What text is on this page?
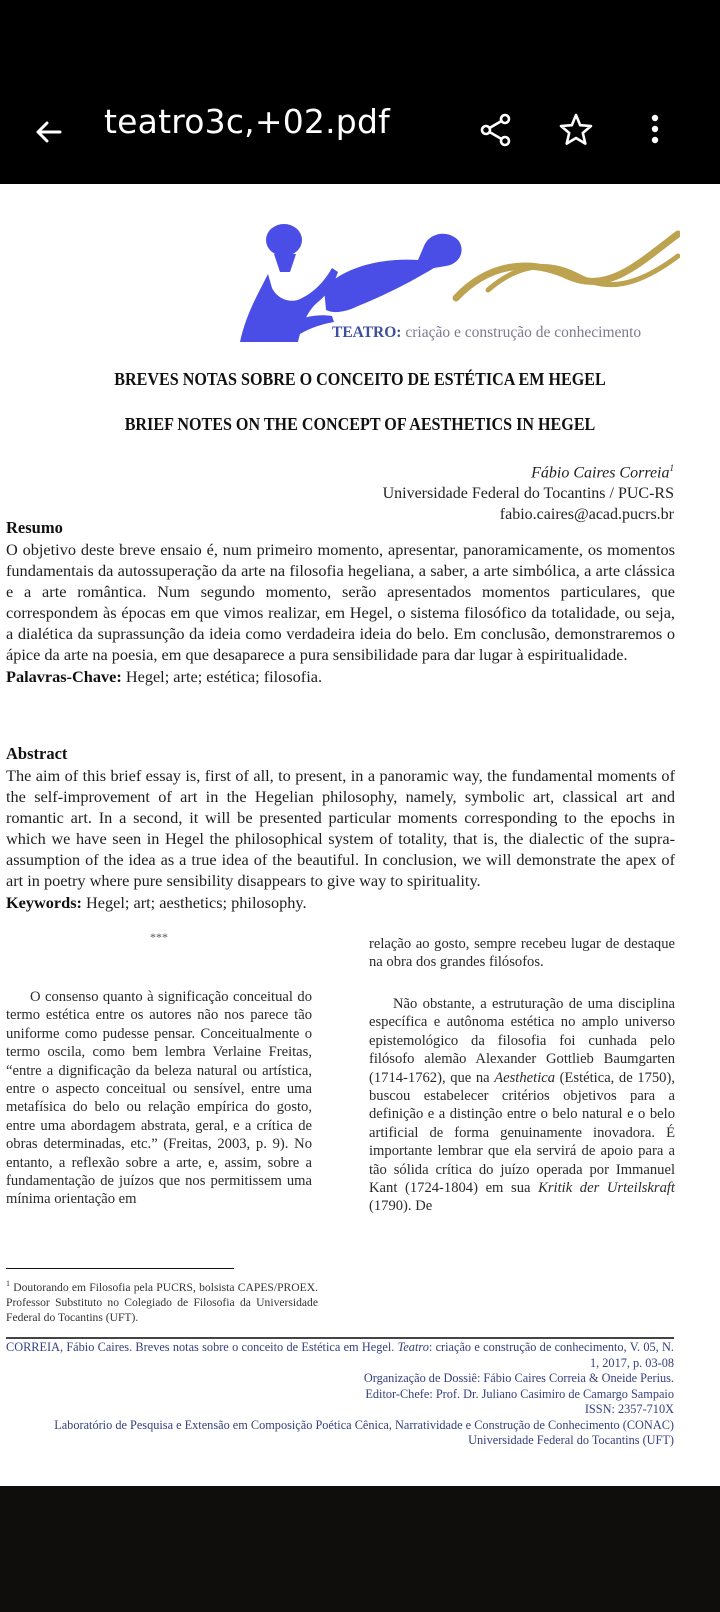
teatro3c,+02.pdf
TEATRO: criação e construção de conhecimento
BREVES NOTAS SOBRE O CONCEITO DE ESTÉTICA EM HEGEL
BRIEF NOTES ON THE CONCEPT OF AESTHETICS IN HEGEL
Fábio Caires Correia$^1$
Universidade Federal do Tocantins / PUC-RS
fabio.caires@acad.pucrs.br
Resumo
O objetivo deste breve ensaio é, num primeiro momento, apresentar, panoramicamente, os momentos fundamentais da autossuperação da arte na filosofia hegeliana, a saber, a arte simbólica, a arte clássica e a arte romântica. Num segundo momento, serão apresentados momentos particulares, que correspondem às épocas em que vimos realizar, em Hegel, o sistema filosófico da totalidade, ou seja, a dialética da suprassunção da ideia como verdadeira ideia do belo. Em conclusão, demonstraremos o ápice da arte na poesia, em que desaparece a pura sensibilidade para dar lugar à espiritualidade.
Palavras-Chave: Hegel; arte; estética; filosofia.
Abstract
The aim of this brief essay is, first of all, to present, in a panoramic way, the fundamental moments of the self-improvement of art in the Hegelian philosophy, namely, symbolic art, classical art and romantic art. In a second, it will be presented particular moments corresponding to the epochs in which we have seen in Hegel the philosophical system of totality, that is, the dialectic of the supra-assumption of the idea as a true idea of the beautiful. In conclusion, we will demonstrate the apex of art in poetry where pure sensibility disappears to give way to spirituality.
Keywords: Hegel; art; aesthetics; philosophy.
***
O consenso quanto à significação conceitual do termo estética entre os autores não nos parece tão uniforme como pudesse pensar. Conceitualmente o termo oscila, como bem lembra Verlaine Freitas, “entre a dignificação da beleza natural ou artística, entre o aspecto conceitual ou sensível, entre uma metafísica do belo ou relação empírica do gosto, entre uma abordagem abstrata, geral, e a crítica de obras determinadas, etc.” (Freitas, 2003, p. 9). No entanto, a reflexão sobre a arte, e, assim, sobre a fundamentação de juízos que nos permitissem uma mínima orientação em
relação ao gosto, sempre recebeu lugar de destaque na obra dos grandes filósofos.
Não obstante, a estruturação de uma disciplina específica e autônoma estética no amplo universo epistemológico da filosofia foi cunhada pelo filósofo alemão Alexander Gottlieb Baumgarten (1714-1762), que na Aesthetica (Estética, de 1750), buscou estabelecer critérios objetivos para a definição e a distinção entre o belo natural e o belo artificial de forma genuinamente inovadora. É importante lembrar que ela servirá de apoio para a tão sólida crítica do juízo operada por Immanuel Kant (1724-1804) em sua Kritik der Urteilskraft (1790). De
$^1$ Doutorando em Filosofia pela PUCRS, bolsista CAPES/PROEX. Professor Substituto no Colegiado de Filosofia da Universidade Federal do Tocantins (UFT).
CORREIA, Fábio Caires. Breves notas sobre o conceito de Estética em Hegel. Teatro: criação e construção de conhecimento, V. 05, N. 1, 2017, p. 03-08
Organização de Dossiê: Fábio Caires Correia & Oneide Perius.
Editor-Chefe: Prof. Dr. Juliano Casimiro de Camargo Sampaio
ISSN: 2357-710X
Laboratório de Pesquisa e Extensão em Composição Poética Cênica, Narratividade e Construção de Conhecimento (CONAC)
Universidade Federal do Tocantins (UFT)
